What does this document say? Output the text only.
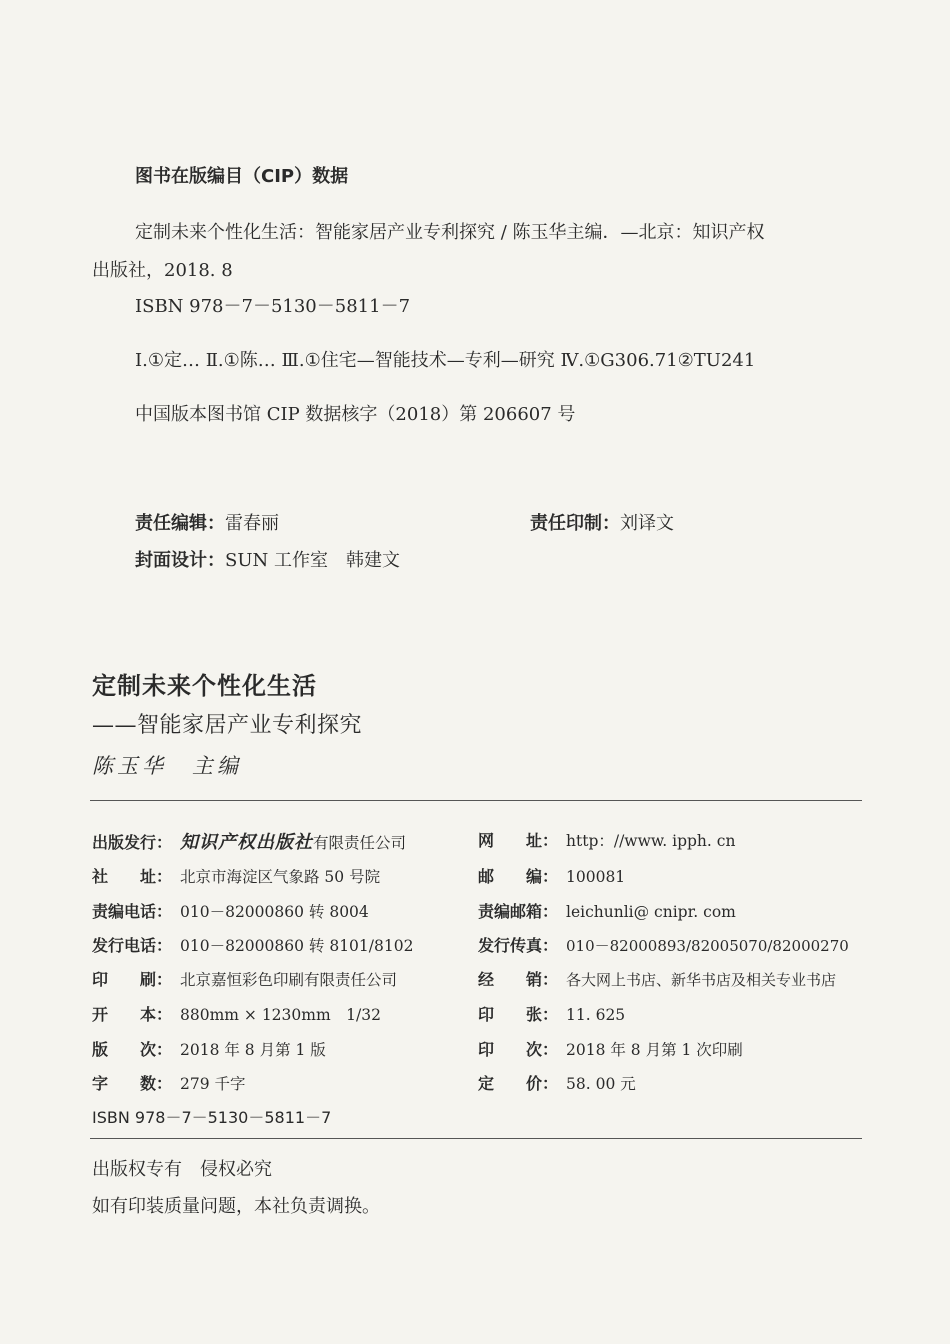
图书在版编目（CIP）数据
定制未来个性化生活：智能家居产业专利探究 / 陈玉华主编．—北京：知识产权
出版社，2018. 8
ISBN 978－7－5130－5811－7
Ⅰ.①定… Ⅱ.①陈… Ⅲ.①住宅—智能技术—专利—研究 Ⅳ.①G306.71②TU241
中国版本图书馆 CIP 数据核字（2018）第 206607 号
责任编辑： 雷春丽	责任印制： 刘译文
封面设计： SUN 工作室　韩建文
定制未来个性化生活
——智能家居产业专利探究
陈玉华　主编
出版发行： 知识产权出版社 有限责任公司
社　　址： 北京市海淀区气象路 50 号院
责编电话： 010－82000860 转 8004
发行电话： 010－82000860 转 8101/8102
印　　刷： 北京嘉恒彩色印刷有限责任公司
开　　本： 880mm × 1230mm　1/32
版　　次： 2018 年 8 月第 1 版
字　　数： 279 千字
ISBN 978－7－5130－5811－7
网　　址： http：//www. ipph. cn
邮　　编： 100081
责编邮箱： leichunli@ cnipr. com
发行传真： 010－82000893/82005070/82000270
经　　销： 各大网上书店、新华书店及相关专业书店
印　　张： 11. 625
印　　次： 2018 年 8 月第 1 次印刷
定　　价： 58. 00 元
出版权专有　侵权必究
如有印装质量问题，本社负责调换。
